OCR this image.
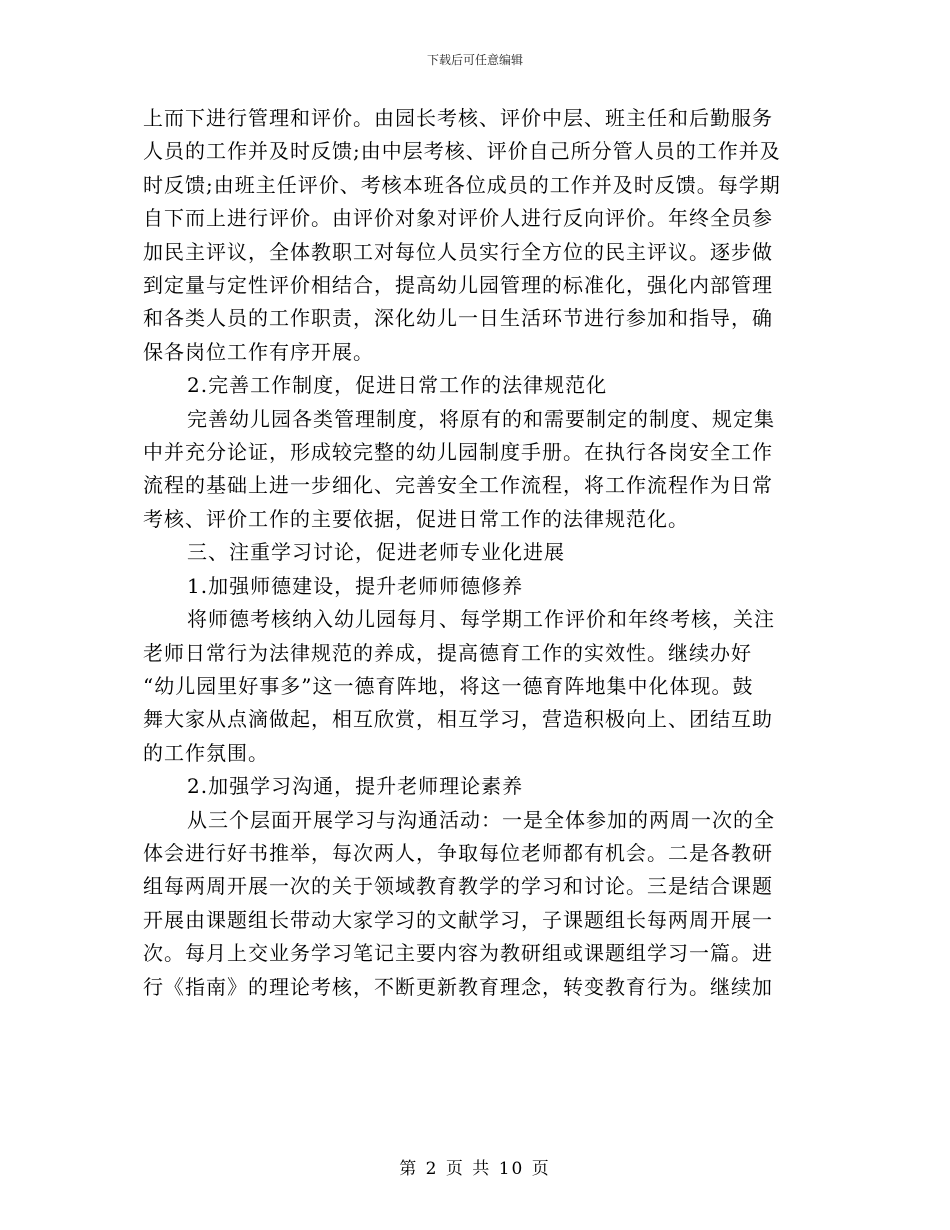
下载后可任意编辑

上而下进行管理和评价。由园长考核、评价中层、班主任和后勤服务
人员的工作并及时反馈;由中层考核、评价自己所分管人员的工作并及
时反馈;由班主任评价、考核本班各位成员的工作并及时反馈。每学期
自下而上进行评价。由评价对象对评价人进行反向评价。年终全员参
加民主评议，全体教职工对每位人员实行全方位的民主评议。逐步做
到定量与定性评价相结合，提高幼儿园管理的标准化，强化内部管理
和各类人员的工作职责，深化幼儿一日生活环节进行参加和指导，确
保各岗位工作有序开展。

2.完善工作制度，促进日常工作的法律规范化

完善幼儿园各类管理制度，将原有的和需要制定的制度、规定集
中并充分论证，形成较完整的幼儿园制度手册。在执行各岗安全工作
流程的基础上进一步细化、完善安全工作流程，将工作流程作为日常
考核、评价工作的主要依据，促进日常工作的法律规范化。

三、注重学习讨论，促进老师专业化进展

1.加强师德建设，提升老师师德修养

将师德考核纳入幼儿园每月、每学期工作评价和年终考核，关注
老师日常行为法律规范的养成，提高德育工作的实效性。继续办好
“幼儿园里好事多”这一德育阵地，将这一德育阵地集中化体现。鼓
舞大家从点滴做起，相互欣赏，相互学习，营造积极向上、团结互助
的工作氛围。

2.加强学习沟通，提升老师理论素养

从三个层面开展学习与沟通活动：一是全体参加的两周一次的全
体会进行好书推举，每次两人，争取每位老师都有机会。二是各教研
组每两周开展一次的关于领域教育教学的学习和讨论。三是结合课题
开展由课题组长带动大家学习的文献学习，子课题组长每两周开展一
次。每月上交业务学习笔记主要内容为教研组或课题组学习一篇。进
行《指南》的理论考核，不断更新教育理念，转变教育行为。继续加

第 2 页 共 10 页
